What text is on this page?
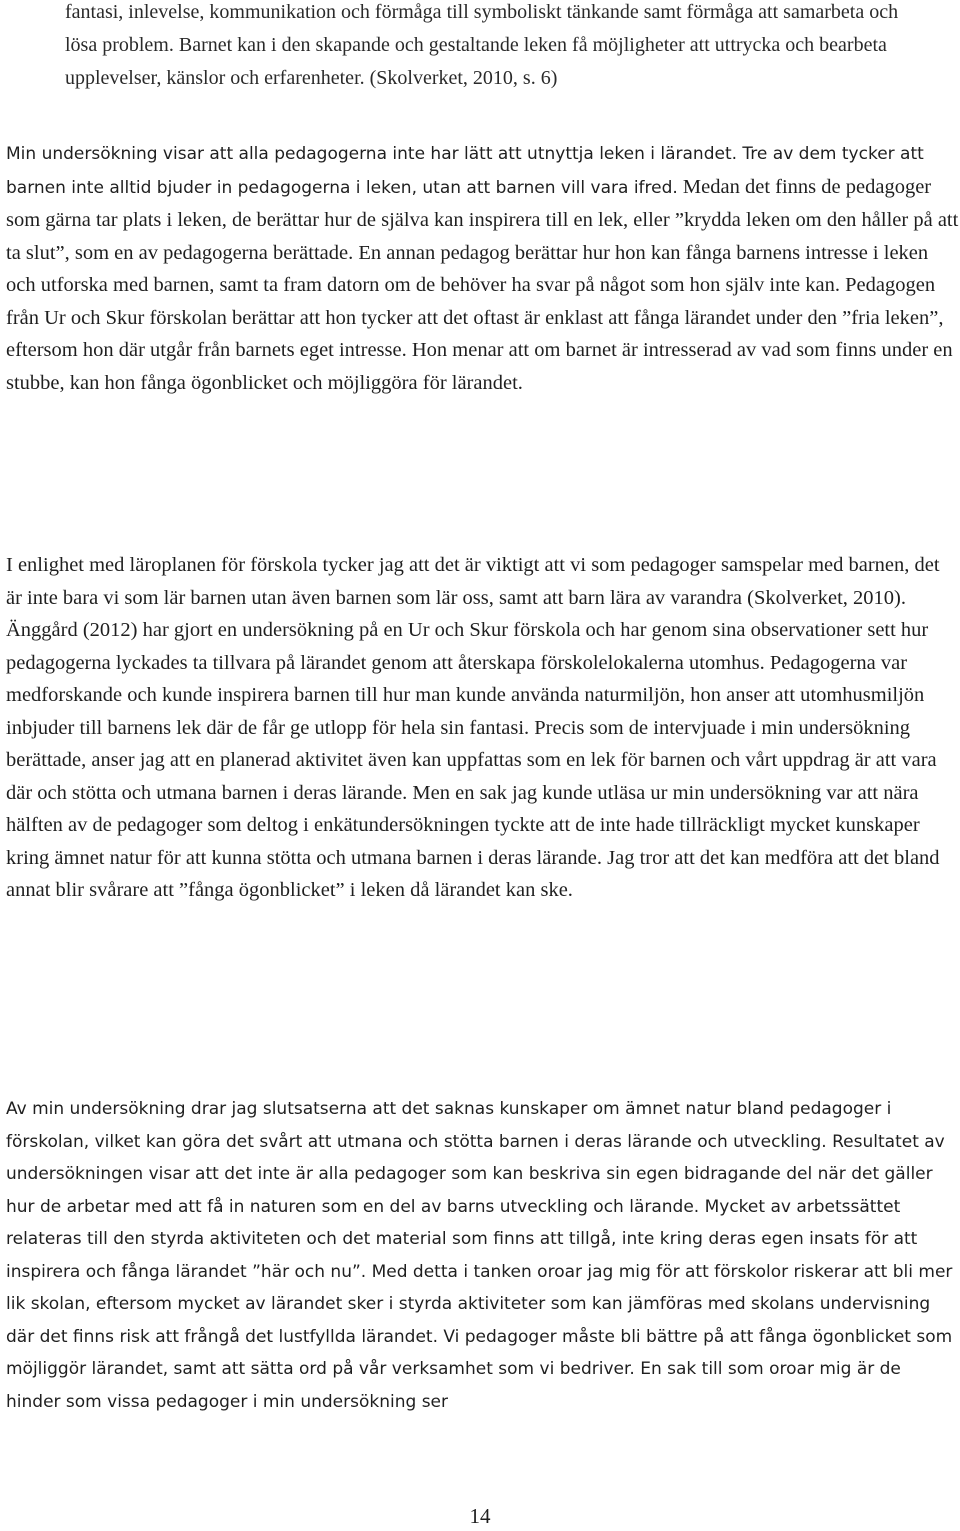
fantasi, inlevelse, kommunikation och förmåga till symboliskt tänkande samt förmåga att samarbeta och lösa problem. Barnet kan i den skapande och gestaltande leken få möjligheter att uttrycka och bearbeta upplevelser, känslor och erfarenheter. (Skolverket, 2010, s. 6)

Min undersökning visar att alla pedagogerna inte har lätt att utnyttja leken i lärandet. Tre av dem tycker att barnen inte alltid bjuder in pedagogerna i leken, utan att barnen vill vara ifred. Medan det finns de pedagoger som gärna tar plats i leken, de berättar hur de själva kan inspirera till en lek, eller ”krydda leken om den håller på att ta slut”, som en av pedagogerna berättade. En annan pedagog berättar hur hon kan fånga barnens intresse i leken och utforska med barnen, samt ta fram datorn om de behöver ha svar på något som hon själv inte kan. Pedagogen från Ur och Skur förskolan berättar att hon tycker att det oftast är enklast att fånga lärandet under den ”fria leken”, eftersom hon där utgår från barnets eget intresse. Hon menar att om barnet är intresserad av vad som finns under en stubbe, kan hon fånga ögonblicket och möjliggöra för lärandet.

I enlighet med läroplanen för förskola tycker jag att det är viktigt att vi som pedagoger samspelar med barnen, det är inte bara vi som lär barnen utan även barnen som lär oss, samt att barn lära av varandra (Skolverket, 2010). Änggård (2012) har gjort en undersökning på en Ur och Skur förskola och har genom sina observationer sett hur pedagogerna lyckades ta tillvara på lärandet genom att återskapa förskolelokalerna utomhus. Pedagogerna var medforskande och kunde inspirera barnen till hur man kunde använda naturmiljön, hon anser att utomhusmiljön inbjuder till barnens lek där de får ge utlopp för hela sin fantasi. Precis som de intervjuade i min undersökning berättade, anser jag att en planerad aktivitet även kan uppfattas som en lek för barnen och vårt uppdrag är att vara där och stötta och utmana barnen i deras lärande. Men en sak jag kunde utläsa ur min undersökning var att nära hälften av de pedagoger som deltog i enkätundersökningen tyckte att de inte hade tillräckligt mycket kunskaper kring ämnet natur för att kunna stötta och utmana barnen i deras lärande. Jag tror att det kan medföra att det bland annat blir svårare att ”fånga ögonblicket” i leken då lärandet kan ske.

Av min undersökning drar jag slutsatserna att det saknas kunskaper om ämnet natur bland pedagoger i förskolan, vilket kan göra det svårt att utmana och stötta barnen i deras lärande och utveckling. Resultatet av undersökningen visar att det inte är alla pedagoger som kan beskriva sin egen bidragande del när det gäller hur de arbetar med att få in naturen som en del av barns utveckling och lärande. Mycket av arbetssättet relateras till den styrda aktiviteten och det material som finns att tillgå, inte kring deras egen insats för att inspirera och fånga lärandet ”här och nu”. Med detta i tanken oroar jag mig för att förskolor riskerar att bli mer lik skolan, eftersom mycket av lärandet sker i styrda aktiviteter som kan jämföras med skolans undervisning där det finns risk att frångå det lustfyllda lärandet. Vi pedagoger måste bli bättre på att fånga ögonblicket som möjliggör lärandet, samt att sätta ord på vår verksamhet som vi bedriver. En sak till som oroar mig är de hinder som vissa pedagoger i min undersökning ser

14
